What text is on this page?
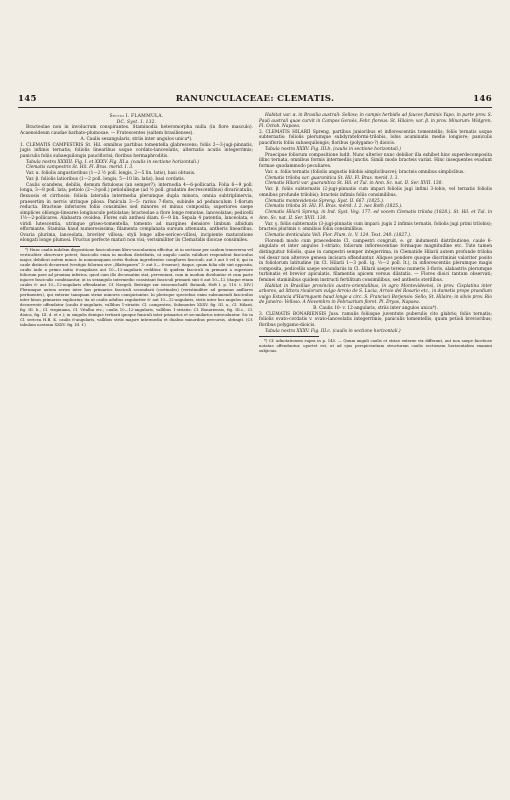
145	RANUNCULACEAE: CLEMATIS.	146
Sectio I. FLAMMULA.
DC. Syst. I. 132.

Bracteolae non in involucrum conspirantes. Staminodia heteromorpha nulla (in flore masculo). Acaenoideum caudae barbato-plumosae. — Frutescentes (saltem brasilienses).

A. Caulis sexangularis, striis inter angulos unica*).

1. CLEMATIS CAMPESTRIS St. Hil. omnibus partibus tomentella glabrescens; foliis 2—3-jugi-pinnatis, jugis infimis ternatis; foliolis linearibus usque cordato-lanceolatis, alternatis acutis integerrimis; paniculis foliis subaequilongis pauciflorisi; floribus hermaphroditis.

Tabula nostra XXXIII. Fig. I. et XXXV. Fig. III.a. (caulis in sectione horizontali.)

Clematis campestris St. Hil. Fl. Bras. merid. I. 3.

Var. α. foliolis angustioribus (1—2 ½ poll. longis, 2—5 lin. latis), basi obtusis.

Var. β. foliolis latioribus (1—2 poll. longis, 5—10 lin. latis), basi cordatis.

Caulis scandens, debilis, demum fistulosus (an semper?); internodia 4—6-pollicaria. Folia 6—9 poll. longa, 3—8 poll. lata; petiolo (2—3-poll.) petiolulisque (ad ½ poll. gradatim decrescentibus) divaricatulis, flexuosis et cirrhosis: foliola lateralia intermedia plerumque dupla minora, omnia subtriplinervia, praesertim in nervis utrinque pilosa. Panicula 3—5- rarius 7-flora, subinde ad pedunculum 1-florum reducta. Bracteae inferiores foliis consimiles sed minores et minus composita; superiores saepe simplices oblongo-lineares longiuscule petiolatae; bracteolae a flore longe remotae, lanceolatae; pedicelli 1½—2-pollicares. Alabastra ovoidea. Flores sub anthesi diam. 6—9 lin. Sepala 4 patentia, lanceolata, e viridi lutescentia, utrinque griseo-tomentella, tomento ad margines densiore limbum albidum efformante. Stamina haud numerosissima; filamenta complanata sursum attenuata, antheris linearibus. Ovaria plurima, lanceolata, breviter villosa; styli longe albo-sericeo-villosi, incipiente maturatione elongati longe plumosi. Fructus perfecte maturi non visi; verisimiliter ils Clematidis dioicae consimiles.

*) Hunc caulis indolem dispositione fasciculorum libro-vascularium efficitur, ut in sectione per caulem transversa vel verticaliter observare potest; fasciculis enim in modum distributis, ut angulo caulis validiori respondeat fasciculus major, debiliori autem minor. In nonnumquam certis tholum ingredientur complures fasciculi, aut 3 aut 5 vel 6, qui in caule distincti decurrunt (vestigio folorum sive „Blattspuren“ 3- aut 5— 6-merae); itaque, quum folia sibi sint opposita, caulis inde a primo initio 6-angularis aut 10—12-angularis redditur. Si quidem fasciculi in primarii a superiore foliorum pare ad proxima inferius, quod cum illo decussatim stat, perveniunt, cum in modum dividuntur et cum parte injacee fasciculis combinantur, ut in sexangulo intermedio consistant fasciculi primarii sint 6 aut 10—12 (itaque etiam caules 6- aut 10—12-angularis offendantur. Cf. Naegeli, Beiträge zur wissenschaftl. Botanik, Heft I. p. 110. t. XIV.) Plerumque autem series inter hos primarios fasciculi secundarii (cortinales) (veristimiliter ad gemmas axillares pertinentes), qui externe tamquam striae minores conspiciuntur. In plerisque speciebus enim subsumendi fasciculus inter binos primarios explicatur, ita ut caulis adultus regulariter 6- aut 10—12-angularis, striis inter hos angulos unica decurrente offendatur (caulis 6-angularis, vallibus 1-striatis: Cl. campestris, Submontes XXXV. fig. III. a., Cl. Hilarii, fig. III. b., Cl. virginiana, Cl. Vitalba etc.; caulis 10—12-angularis, vallibus 1-striatis: Cl. Bonariensis, fig. III.c., Cl. dioica, fig. III. d. et e.); in singulis denique tertiarii quoque funiculi inter primarios et secundarios intercaluntur. Sic in Cl. sericea H.B. K. caulis 6-angularis, vallibus striis majore intermedia et duabus minoribus percursis, obtingit. (Cf. tabulam nostram XXXV. fig. III. f.)

Habitat var. α. in Brasilia australi: Sellow; in campis herbidis ad fauces fluminis Yapo, in parte prov. S. Pauli australi quae curvit in Campos Geraës, Febr. floreus: St. Hilaire; var. β. in prov. Minarum: Widgren. Fl. Octob. Napaea.

2. CLEMATIS HILARII Spreng. partibus junioribus et inflorescentiis tomentellis; foliis ternatis usque subternatis: foliolis plerumque subdyrateformi-trilobis, lobis acuminatis medio longiore; paniculis paucifloris foliis subaequilongis; floribus (polygamo-?) dioicis.

Tabula nostra XXXV. Fig. III.b. (caulis in sectione horizontali.)

Praecipue foliorum compositione ludit. Nunc ulterior nunc debilior illa exhibet hinc superdecomposita illinc ternata, omnibus formis intermediis junctis. Simili modo bracteis variat. Hinc insequentes evadunt formae quodammodo peculiares.

Var. α. foliis ternatis (foliolis angustis bilobis simplicibusve); bracteis omnibus simplicibus.

Clematis triloba var. guaranitica St. Hil. Fl. Bras. merid. I. 3.

Clematis Hilarii var. guaranitica St. Hil. et Tul. in Ann. Sc. nat. II. Ser. XVII. 130.

Var. β. foliis subternatis (2-jugi-pinnatis cum impari foliolis jugi infimi 3-lobis, vel ternatis foliolis omnibus profunde trilobis); bracteis infimis foliis consimilibus.

Clematis montevidensis Spreng. Syst. II. 667. (1825.).

Clematis triloba St. Hil. Fl. Bras. mérid. I. 2. nec Roth (1825.).

Clematis Hilarii Spreng. in Ind. Syst. Veg. 177. ed vocem Clematis triloba (1828.). St. Hil. et Tul. in Ann. Sc. nat. II. Ser. XVII. 130.

Var. γ. foliis subternatis (3-jugi-pinnatis cum impari: jugis 2 infimis ternatis, foliolis jugi primi trilobis); bracteis plurimis v. omnibus foliis consimilibus.

Clematis denticulata Vell. Flor. Flum. lc. V. 124. Text. 240. (1827.).

Florendi modo cum praecedente Cl. campestri congruit, e. gr. indumenti distributione, caule 6-angulato et inter angulos 1-striato, foliorum inflorescentiae formaque magnitudine etc. Tute tamen distinguitur foliolis, quae in campestri semper integerrima, in Clematide Hilarii autem profunde triloba vel desur non alterove genesu incisura offenduntur. Aliquos pondere quoque discriminis valoriter posito in foliolorum latitudine (in Cl. Hilarii 1—3 poll. lg. ½—2 poll. lt.), in inflorescentiis plerumque magis composita, pedicellis saepe secundariis in Cl. Hilarii saepe tereno numeris 3-floris, alabastris plerumque turbinatis et brevior apiculatis, filamentis apicem versus dilatatis. — Flores dioici tantum observati; feminei staminibus quidem instructi fertilitum consimilibus, sed antheris sterilibus.

Habitat in Brasiliae provinciis austro-orientalibus, in agro Montevideensi, in prov. Cisplatina inter arbores, ad littora rivulorum vulgo Arroio de S. Lucia, Arroio del Rosario etc., in dumetis prope praedium vulgo Estancia d'Harmquem haud longe a circ. S. Francisci Borjensis: Sello; St. Hilaire; in silvis prov. Rio de Janeiro: Velloso. A Novembro in Februarium floret. Pl. Dryas, Napaea.

B. Caulis 10- v. 12-angularis, striis inter angulos unica*).

3. CLEMATIS BONARIENSIS Juss. ramulis foliisque juventute puberulis cito glabris; foliis ternatis; foliolis ovato-cordatis v. ovato-lanceolatis integerrimis; paniculis tomentellis, quum petioli brevioribus; floribus polygamo-dioicis.

Tabula nostra XXXV. Fig. III.c. (caulis in sectione horizontali.)

*) Cf. adnotationem supra in p. 145. — Quum anguli caulis et striae externe vix differant, aut non saepe facetiose notatae offenduntur, oportet est, ut ad ejus perspicientiam structuram caulis sectionem horizontalem examini subjicias.
